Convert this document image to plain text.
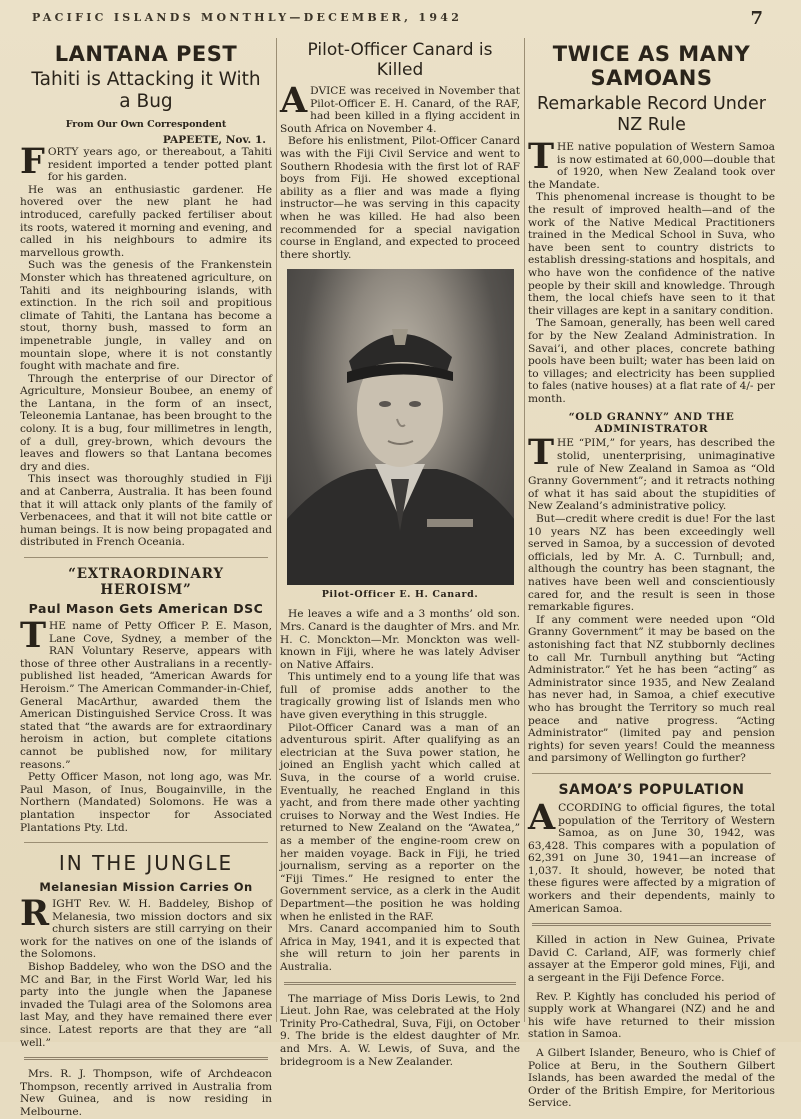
PACIFIC ISLANDS MONTHLY—DECEMBER, 1942	7
LANTANA PEST
Tahiti is Attacking it With a Bug
From Our Own Correspondent
PAPEETE, Nov. 1.

FORTY years ago, or thereabout, a Tahiti resident imported a tender potted plant for his garden.

He was an enthusiastic gardener. He hovered over the new plant he had introduced, carefully packed fertiliser about its roots, watered it morning and evening, and called in his neighbours to admire its marvellous growth.

Such was the genesis of the Frankenstein Monster which has threatened agriculture, on Tahiti and its neighbouring islands, with extinction. In the rich soil and propitious climate of Tahiti, the Lantana has become a stout, thorny bush, massed to form an impenetrable jungle, in valley and on mountain slope, where it is not constantly fought with machate and fire.

Through the enterprise of our Director of Agriculture, Monsieur Boubee, an enemy of the Lantana, in the form of an insect, Teleonemia Lantanae, has been brought to the colony. It is a bug, four millimetres in length, of a dull, grey-brown, which devours the leaves and flowers so that Lantana becomes dry and dies.

This insect was thoroughly studied in Fiji and at Canberra, Australia. It has been found that it will attack only plants of the family of Verbenacees, and that it will not bite cattle or human beings. It is now being propagated and distributed in French Oceania.

“EXTRAORDINARY HEROISM”
Paul Mason Gets American DSC

THE name of Petty Officer P. E. Mason, Lane Cove, Sydney, a member of the RAN Voluntary Reserve, appears with those of three other Australians in a recently-published list headed, “American Awards for Heroism.” The American Commander-in-Chief, General MacArthur, awarded them the American Distinguished Service Cross. It was stated that “the awards are for extraordinary heroism in action, but complete citations cannot be published now, for military reasons.”

Petty Officer Mason, not long ago, was Mr. Paul Mason, of Inus, Bougainville, in the Northern (Mandated) Solomons. He was a plantation inspector for Associated Plantations Pty. Ltd.

IN THE JUNGLE
Melanesian Mission Carries On

RIGHT Rev. W. H. Baddeley, Bishop of Melanesia, two mission doctors and six church sisters are still carrying on their work for the natives on one of the islands of the Solomons.

Bishop Baddeley, who won the DSO and the MC and Bar, in the First World War, led his party into the jungle when the Japanese invaded the Tulagi area of the Solomons area last May, and they have remained there ever since. Latest reports are that they are “all well.”

Mrs. R. J. Thompson, wife of Archdeacon Thompson, recently arrived in Australia from New Guinea, and is now residing in Melbourne.

Pilot-Officer Canard is Killed

ADVICE was received in November that Pilot-Officer E. H. Canard, of the RAF, had been killed in a flying accident in South Africa on November 4.

Before his enlistment, Pilot-Officer Canard was with the Fiji Civil Service and went to Southern Rhodesia with the first lot of RAF boys from Fiji. He showed exceptional ability as a flier and was made a flying instructor—he was serving in this capacity when he was killed. He had also been recommended for a special navigation course in England, and expected to proceed there shortly.

Pilot-Officer E. H. Canard.

He leaves a wife and a 3 months’ old son. Mrs. Canard is the daughter of Mrs. and Mr. H. C. Monckton—Mr. Monckton was well-known in Fiji, where he was lately Adviser on Native Affairs.

This untimely end to a young life that was full of promise adds another to the tragically growing list of Islands men who have given everything in this struggle.

Pilot-Officer Canard was a man of an adventurous spirit. After qualifying as an electrician at the Suva power station, he joined an English yacht which called at Suva, in the course of a world cruise. Eventually, he reached England in this yacht, and from there made other yachting cruises to Norway and the West Indies. He returned to New Zealand on the “Awatea,” as a member of the engine-room crew on her maiden voyage. Back in Fiji, he tried journalism, serving as a reporter on the “Fiji Times.” He resigned to enter the Government service, as a clerk in the Audit Department—the position he was holding when he enlisted in the RAF.

Mrs. Canard accompanied him to South Africa in May, 1941, and it is expected that she will return to join her parents in Australia.

The marriage of Miss Doris Lewis, to 2nd Lieut. John Rae, was celebrated at the Holy Trinity Pro-Cathedral, Suva, Fiji, on October 9. The bride is the eldest daughter of Mr. and Mrs. A. W. Lewis, of Suva, and the bridegroom is a New Zealander.

TWICE AS MANY SAMOANS
Remarkable Record Under NZ Rule

THE native population of Western Samoa is now estimated at 60,000—double that of 1920, when New Zealand took over the Mandate.

This phenomenal increase is thought to be the result of improved health—and of the work of the Native Medical Practitioners trained in the Medical School in Suva, who have been sent to country districts to establish dressing-stations and hospitals, and who have won the confidence of the native people by their skill and knowledge. Through them, the local chiefs have seen to it that their villages are kept in a sanitary condition.

The Samoan, generally, has been well cared for by the New Zealand Administration. In Savai’i, and other places, concrete bathing pools have been built; water has been laid on to villages; and electricity has been supplied to fales (native houses) at a flat rate of 4/- per month.

“OLD GRANNY” AND THE ADMINISTRATOR

THE “PIM,” for years, has described the stolid, unenterprising, unimaginative rule of New Zealand in Samoa as “Old Granny Government”; and it retracts nothing of what it has said about the stupidities of New Zealand’s administrative policy.

But—credit where credit is due! For the last 10 years NZ has been exceedingly well served in Samoa, by a succession of devoted officials, led by Mr. A. C. Turnbull; and, although the country has been stagnant, the natives have been well and conscientiously cared for, and the result is seen in those remarkable figures.

If any comment were needed upon “Old Granny Government” it may be based on the astonishing fact that NZ stubbornly declines to call Mr. Turnbull anything but “Acting Administrator.” Yet he has been “acting” as Administrator since 1935, and New Zealand has never had, in Samoa, a chief executive who has brought the Territory so much real peace and native progress. “Acting Administrator” (limited pay and pension rights) for seven years! Could the meanness and parsimony of Wellington go further?

SAMOA’S POPULATION

ACCORDING to official figures, the total population of the Territory of Western Samoa, as on June 30, 1942, was 63,428. This compares with a population of 62,391 on June 30, 1941—an increase of 1,037. It should, however, be noted that these figures were affected by a migration of workers and their dependents, mainly to American Samoa.

Killed in action in New Guinea, Private David C. Carland, AIF, was formerly chief assayer at the Emperor gold mines, Fiji, and a sergeant in the Fiji Defence Force.

Rev. P. Kightly has concluded his period of supply work at Whangarei (NZ) and he and his wife have returned to their mission station in Samoa.

A Gilbert Islander, Beneuro, who is Chief of Police at Beru, in the Southern Gilbert Islands, has been awarded the medal of the Order of the British Empire, for Meritorious Service.
